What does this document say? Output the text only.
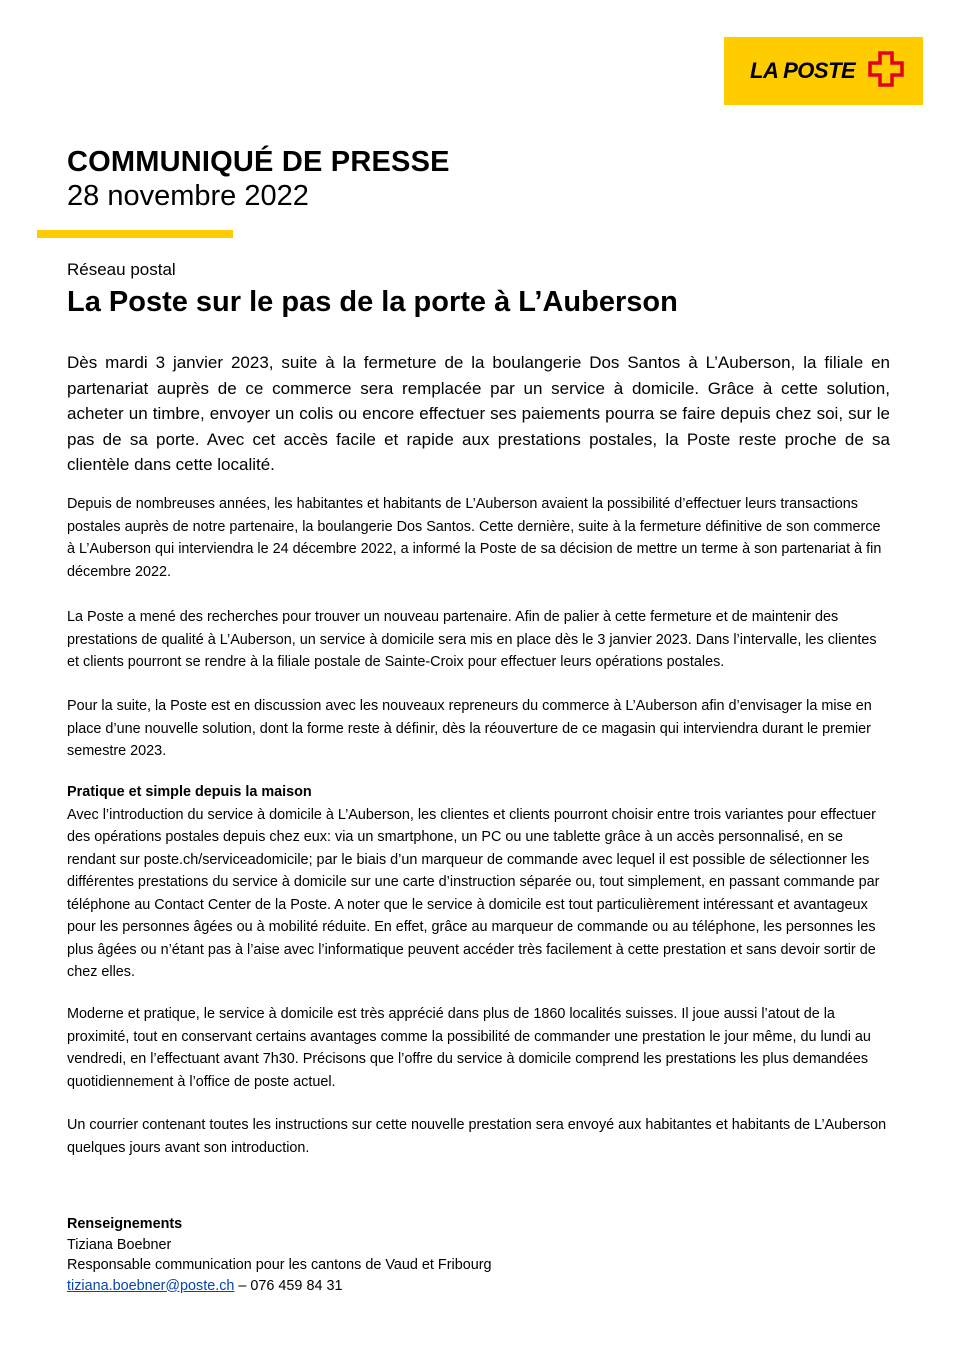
LA POSTE
COMMUNIQUÉ DE PRESSE
28 novembre 2022
Réseau postal
La Poste sur le pas de la porte à L’Auberson

Dès mardi 3 janvier 2023, suite à la fermeture de la boulangerie Dos Santos à L’Auberson, la filiale en partenariat auprès de ce commerce sera remplacée par un service à domicile. Grâce à cette solution, acheter un timbre, envoyer un colis ou encore effectuer ses paiements pourra se faire depuis chez soi, sur le pas de sa porte. Avec cet accès facile et rapide aux prestations postales, la Poste reste proche de sa clientèle dans cette localité.

Depuis de nombreuses années, les habitantes et habitants de L’Auberson avaient la possibilité d’effectuer leurs transactions postales auprès de notre partenaire, la boulangerie Dos Santos. Cette dernière, suite à la fermeture définitive de son commerce à L’Auberson qui interviendra le 24 décembre 2022, a informé la Poste de sa décision de mettre un terme à son partenariat à fin décembre 2022.

La Poste a mené des recherches pour trouver un nouveau partenaire. Afin de palier à cette fermeture et de maintenir des prestations de qualité à L’Auberson, un service à domicile sera mis en place dès le 3 janvier 2023. Dans l’intervalle, les clientes et clients pourront se rendre à la filiale postale de Sainte-Croix pour effectuer leurs opérations postales.

Pour la suite, la Poste est en discussion avec les nouveaux repreneurs du commerce à L’Auberson afin d’envisager la mise en place d’une nouvelle solution, dont la forme reste à définir, dès la réouverture de ce magasin qui interviendra durant le premier semestre 2023.

Pratique et simple depuis la maison
Avec l’introduction du service à domicile à L’Auberson, les clientes et clients pourront choisir entre trois variantes pour effectuer des opérations postales depuis chez eux: via un smartphone, un PC ou une tablette grâce à un accès personnalisé, en se rendant sur poste.ch/serviceadomicile; par le biais d’un marqueur de commande avec lequel il est possible de sélectionner les différentes prestations du service à domicile sur une carte d’instruction séparée ou, tout simplement, en passant commande par téléphone au Contact Center de la Poste. A noter que le service à domicile est tout particulièrement intéressant et avantageux pour les personnes âgées ou à mobilité réduite. En effet, grâce au marqueur de commande ou au téléphone, les personnes les plus âgées ou n’étant pas à l’aise avec l’informatique peuvent accéder très facilement à cette prestation et sans devoir sortir de chez elles.

Moderne et pratique, le service à domicile est très apprécié dans plus de 1860 localités suisses. Il joue aussi l’atout de la proximité, tout en conservant certains avantages comme la possibilité de commander une prestation le jour même, du lundi au vendredi, en l’effectuant avant 7h30. Précisons que l’offre du service à domicile comprend les prestations les plus demandées quotidiennement à l’office de poste actuel.

Un courrier contenant toutes les instructions sur cette nouvelle prestation sera envoyé aux habitantes et habitants de L’Auberson quelques jours avant son introduction.

Renseignements
Tiziana Boebner
Responsable communication pour les cantons de Vaud et Fribourg
tiziana.boebner@poste.ch – 076 459 84 31
